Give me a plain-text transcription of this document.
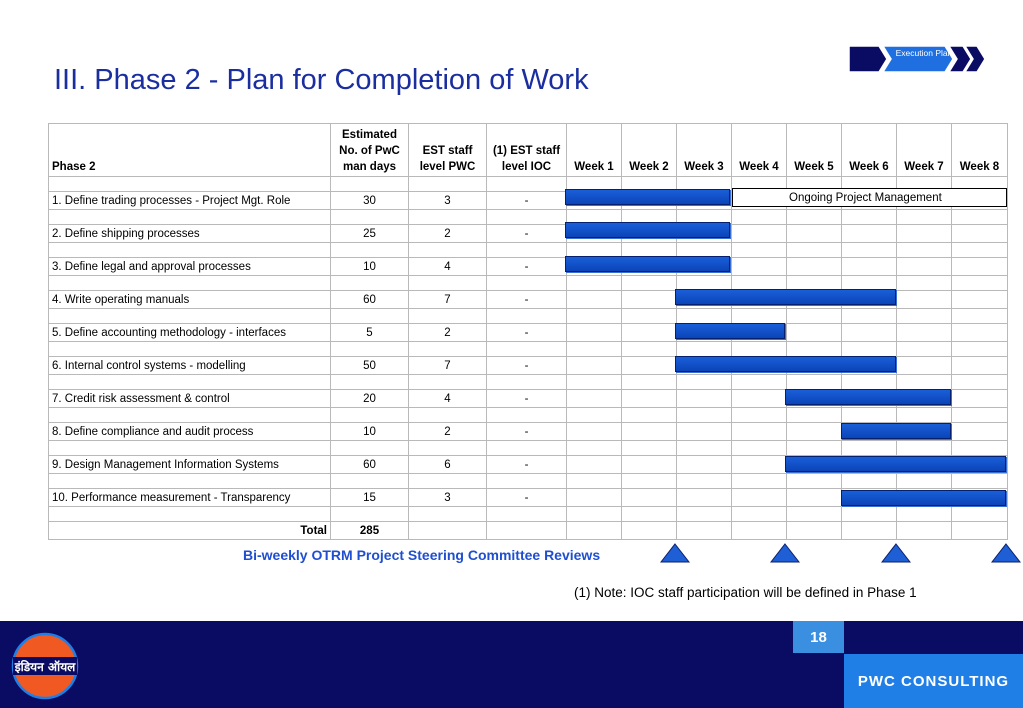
III. Phase 2 - Plan for Completion of Work
Execution Plan
Phase 2	Estimated No. of PwC man days	EST staff level PWC	(1) EST staff level IOC	Week 1	Week 2	Week 3	Week 4	Week 5	Week 6	Week 7	Week 8

1. Define trading processes - Project Mgt. Role	30	3	-								

2. Define shipping processes	25	2	-								

3. Define legal and approval processes	10	4	-								

4. Write operating manuals	60	7	-								

5. Define accounting methodology - interfaces	5	2	-								

6. Internal control systems - modelling	50	7	-								

7. Credit risk assessment & control	20	4	-								

8. Define compliance and audit process	10	2	-								

9. Design Management Information Systems	60	6	-								

10. Performance measurement - Transparency	15	3	-								

Total	285										
Ongoing Project Management
Bi-weekly OTRM Project Steering Committee Reviews
(1) Note: IOC staff participation will be defined in Phase 1
18
PWC CONSULTING
इंडियन ऑयल
